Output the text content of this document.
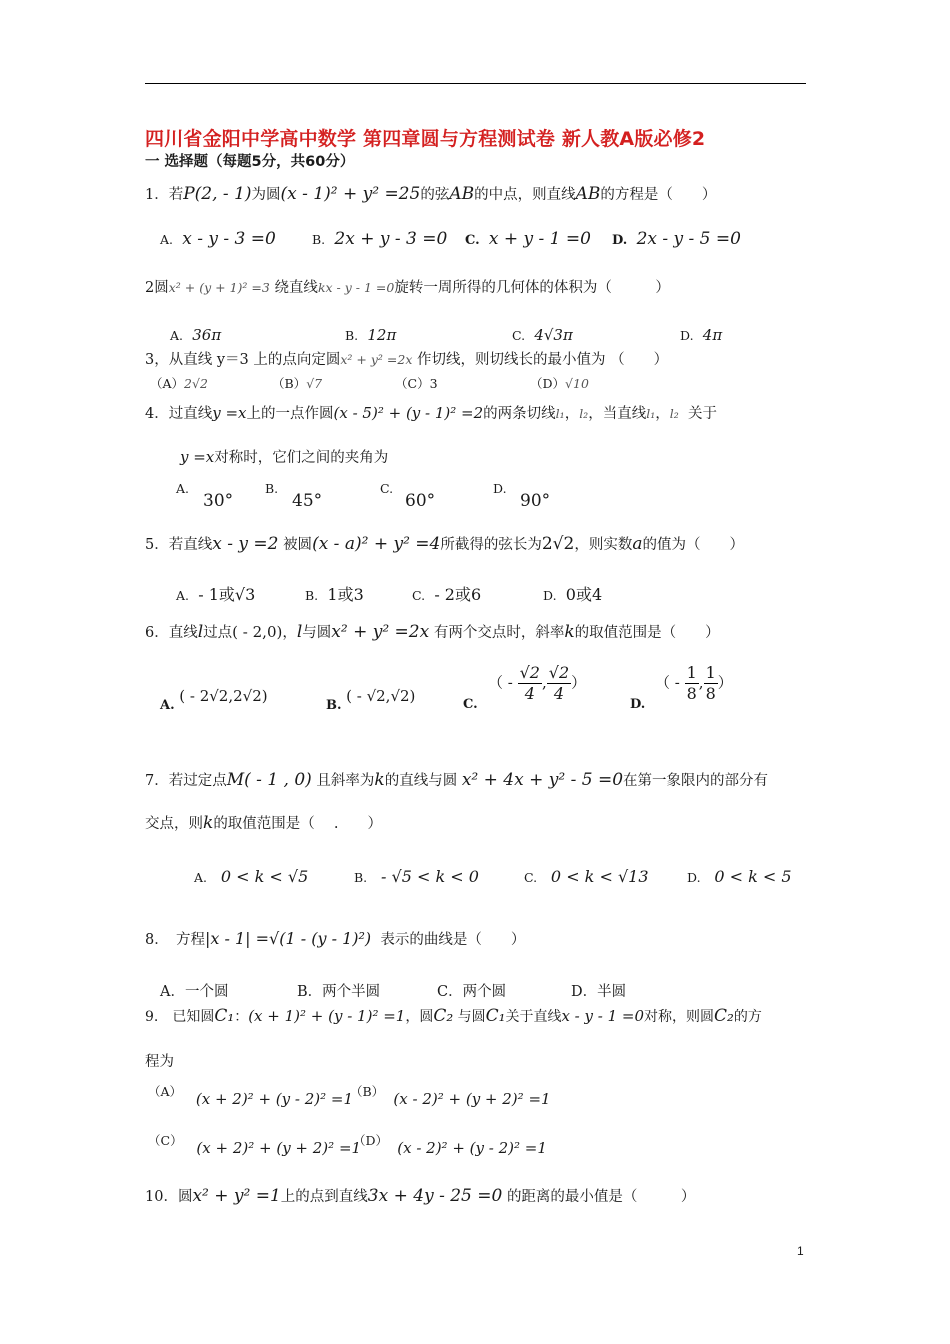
四川省金阳中学高中数学 第四章圆与方程测试卷 新人教A版必修2
一 选择题（每题5分，共60分）
1．若P(2, - 1)为圆(x - 1)² + y² =25的弦AB的中点，则直线AB的方程是（　　）
A. x - y - 3 =0	B. 2x + y - 3 =0 C. x + y - 1 =0 D. 2x - y - 5 =0
2圆x² + (y + 1)² =3 绕直线kx - y - 1 =0旋转一周所得的几何体的体积为（　　　）
A. 36π	B. 12π	C. 4√3π	D. 4π
3，从直线 y＝3 上的点向定圆x² + y² =2x 作切线，则切线长的最小值为 （　　）
（A）2√2	（B）√7	（C）3	（D）√10
4．过直线y =x上的一点作圆(x - 5)² + (y - 1)² =2的两条切线l₁，l₂，当直线l₁，l₂ 关于
y =x对称时，它们之间的夹角为
A.
30°
B.
45°
C.
60°
D.
90°
5．若直线x - y =2 被圆(x - a)² + y² =4所截得的弦长为2√2，则实数a的值为（　　）
A. - 1或√3	B. 1或3	C. - 2或6	D. 0或4
6．直线l过点( - 2,0)，l与圆x² + y² =2x 有两个交点时，斜率k的取值范围是（　　）
A. ( - 2√2,2√2)
B. ( - √2,√2)	C.
（ - $\frac{√2}{4}$ , $\frac{√2}{4}$ ）
D.
（ - $\frac{1}{8}$ , $\frac{1}{8}$ ）
7．若过定点M( - 1 , 0) 且斜率为k的直线与圆 x² + 4x + y² - 5 =0在第一象限内的部分有
交点，则k的取值范围是（　 .　　）
A. 0 < k < √5	B. - √5 < k < 0	C. 0 < k < √13	D. 0 < k < 5
8．　方程|x - 1| =√(1 - (y - 1)²) 表示的曲线是（　　）
A．一个圆	B．两个半圆	C．两个圆	D．半圆
9.　已知圆C₁：(x + 1)² + (y - 1)² =1，圆C₂ 与圆C₁关于直线x - y - 1 =0对称，则圆C₂的方
程为
（A） (x + 2)² + (y - 2)² =1
（B） (x - 2)² + (y + 2)² =1
（C） (x + 2)² + (y + 2)² =1
（D） (x - 2)² + (y - 2)² =1
10．圆x² + y² =1上的点到直线3x + 4y - 25 =0 的距离的最小值是（　　　）
1
